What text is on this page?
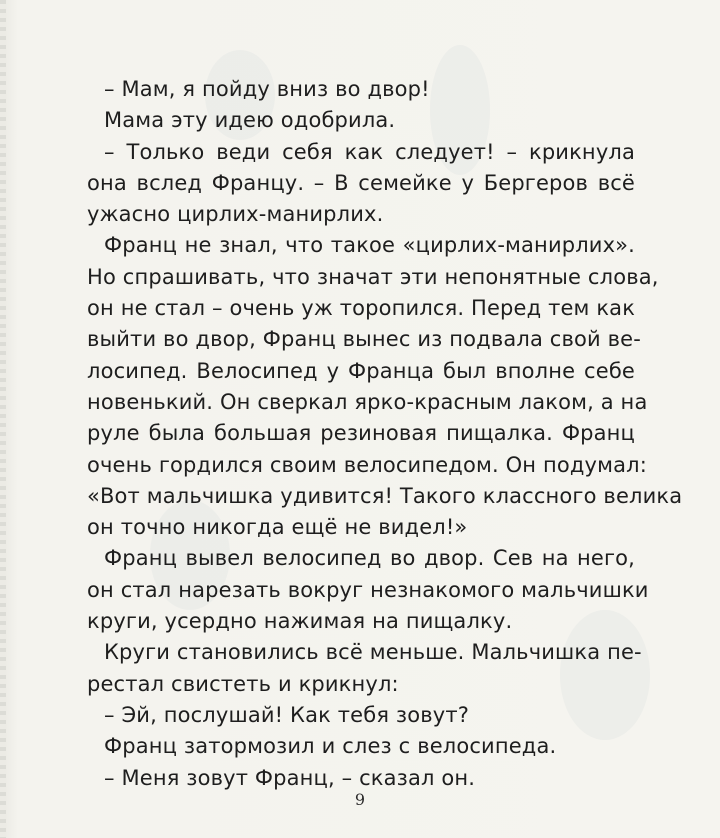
– Мам, я пойду вниз во двор!
Мама эту идею одобрила.
– Только веди себя как следует! – крикнула
она вслед Францу. – В семейке у Бергеров всё
ужасно цирлих-манирлих.
Франц не знал, что такое «цирлих-манирлих».
Но спрашивать, что значат эти непонятные слова,
он не стал – очень уж торопился. Перед тем как
выйти во двор, Франц вынес из подвала свой ве-
лосипед. Велосипед у Франца был вполне себе
новенький. Он сверкал ярко-красным лаком, а на
руле была большая резиновая пищалка. Франц
очень гордился своим велосипедом. Он подумал:
«Вот мальчишка удивится! Такого классного велика
он точно никогда ещё не видел!»
Франц вывел велосипед во двор. Сев на него,
он стал нарезать вокруг незнакомого мальчишки
круги, усердно нажимая на пищалку.
Круги становились всё меньше. Мальчишка пе-
рестал свистеть и крикнул:
– Эй, послушай! Как тебя зовут?
Франц затормозил и слез с велосипеда.
– Меня зовут Франц, – сказал он.
9
